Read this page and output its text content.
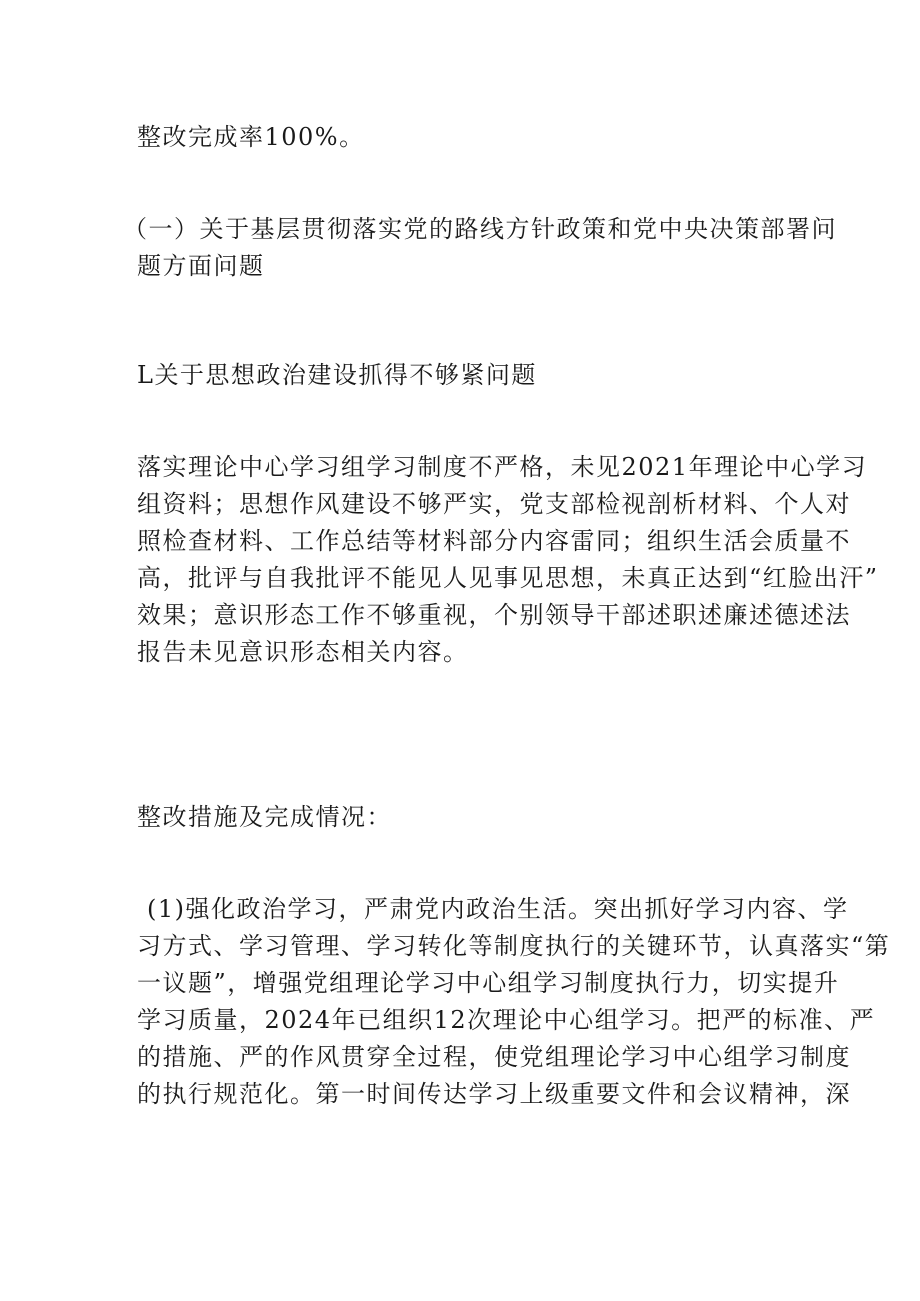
整改完成率100%。

（一）关于基层贯彻落实党的路线方针政策和党中央决策部署问
题方面问题

L关于思想政治建设抓得不够紧问题

落实理论中心学习组学习制度不严格，未见2021年理论中心学习
组资料；思想作风建设不够严实，党支部检视剖析材料、个人对
照检查材料、工作总结等材料部分内容雷同；组织生活会质量不
高，批评与自我批评不能见人见事见思想，未真正达到“红脸出汗”
效果；意识形态工作不够重视，个别领导干部述职述廉述德述法
报告未见意识形态相关内容。

整改措施及完成情况：

(1)强化政治学习，严肃党内政治生活。突出抓好学习内容、学
习方式、学习管理、学习转化等制度执行的关键环节，认真落实“第
一议题”，增强党组理论学习中心组学习制度执行力，切实提升
学习质量，2024年已组织12次理论中心组学习。把严的标准、严
的措施、严的作风贯穿全过程，使党组理论学习中心组学习制度
的执行规范化。第一时间传达学习上级重要文件和会议精神，深
